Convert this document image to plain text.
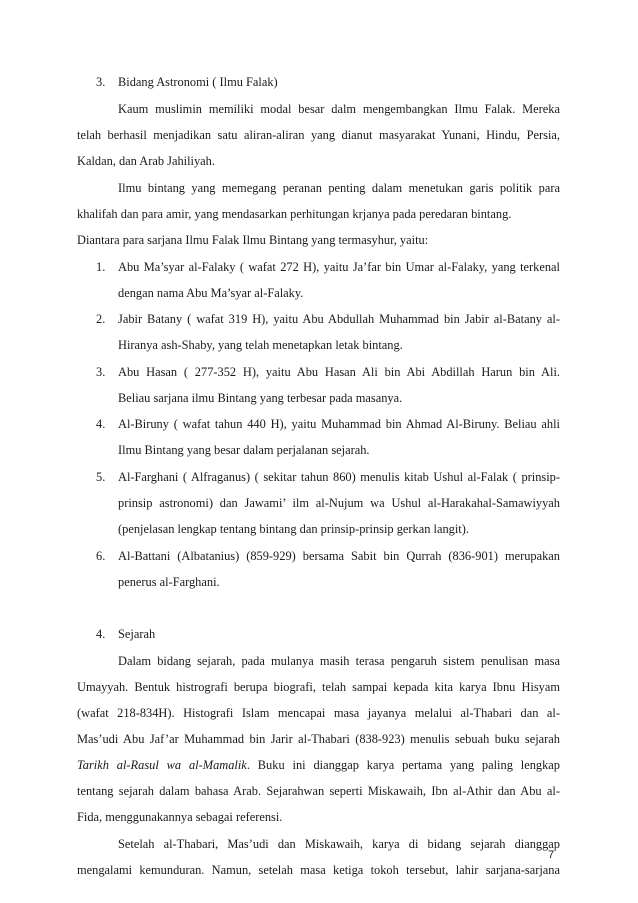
3. Bidang Astronomi ( Ilmu Falak)
Kaum muslimin memiliki modal besar dalm mengembangkan Ilmu Falak. Mereka
telah berhasil menjadikan satu aliran-aliran yang dianut masyarakat Yunani, Hindu, Persia,
Kaldan, dan Arab Jahiliyah.
Ilmu bintang yang memegang peranan penting dalam menetukan garis politik para
khalifah dan para amir, yang mendasarkan perhitungan krjanya pada peredaran bintang.
Diantara para sarjana Ilmu Falak Ilmu Bintang yang termasyhur, yaitu:
1. Abu Ma’syar al-Falaky ( wafat 272 H), yaitu Ja’far bin Umar al-Falaky, yang terkenal
dengan nama Abu Ma’syar al-Falaky.
2. Jabir Batany ( wafat 319 H), yaitu Abu Abdullah Muhammad bin Jabir al-Batany al-
Hiranya ash-Shaby, yang telah menetapkan letak bintang.
3. Abu Hasan ( 277-352 H), yaitu Abu Hasan Ali bin Abi Abdillah Harun bin Ali.
Beliau sarjana ilmu Bintang yang terbesar pada masanya.
4. Al-Biruny ( wafat tahun 440 H), yaitu Muhammad bin Ahmad Al-Biruny. Beliau ahli
Ilmu Bintang yang besar dalam perjalanan sejarah.
5. Al-Farghani ( Alfraganus) ( sekitar tahun 860) menulis kitab Ushul al-Falak ( prinsip-
prinsip astronomi) dan Jawami’ ilm al-Nujum wa Ushul al-Harakahal-Samawiyyah
(penjelasan lengkap tentang bintang dan prinsip-prinsip gerkan langit).
6. Al-Battani (Albatanius) (859-929) bersama Sabit bin Qurrah (836-901) merupakan
penerus al-Farghani.
4. Sejarah
Dalam bidang sejarah, pada mulanya masih terasa pengaruh sistem penulisan masa
Umayyah. Bentuk histrografi berupa biografi, telah sampai kepada kita karya Ibnu Hisyam
(wafat 218-834H). Histografi Islam mencapai masa jayanya melalui al-Thabari dan al-
Mas’udi Abu Jaf’ar Muhammad bin Jarir al-Thabari (838-923) menulis sebuah buku sejarah
Tarikh al-Rasul wa al-Mamalik. Buku ini dianggap karya pertama yang paling lengkap
tentang sejarah dalam bahasa Arab. Sejarahwan seperti Miskawaih, Ibn al-Athir dan Abu al-
Fida, menggunakannya sebagai referensi.
Setelah al-Thabari, Mas’udi dan Miskawaih, karya di bidang sejarah dianggap
mengalami kemunduran. Namun, setelah masa ketiga tokoh tersebut, lahir sarjana-sarjana
7
